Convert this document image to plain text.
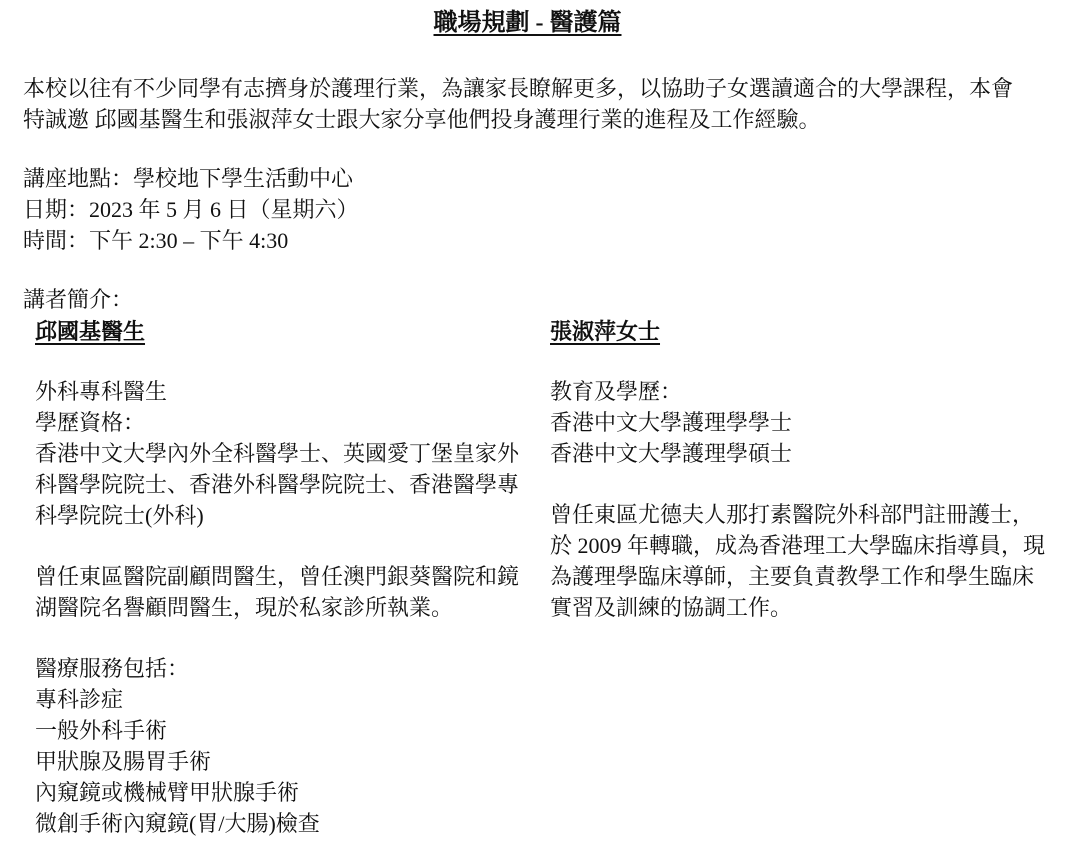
職場規劃 - 醫護篇

本校以往有不少同學有志擠身於護理行業，為讓家長瞭解更多，以協助子女選讀適合的大學課程，本會特誠邀 邱國基醫生和張淑萍女士跟大家分享他們投身護理行業的進程及工作經驗。

講座地點：學校地下學生活動中心
日期：2023 年 5 月 6 日（星期六）
時間：下午 2:30 – 下午 4:30
講者簡介：
邱國基醫生
外科專科醫生
學歷資格：
香港中文大學內外全科醫學士、英國愛丁堡皇家外科醫學院院士、香港外科醫學院院士、香港醫學專科學院院士(外科)
曾任東區醫院副顧問醫生，曾任澳門銀葵醫院和鏡湖醫院名譽顧問醫生，現於私家診所執業。
醫療服務包括：
專科診症
一般外科手術
甲狀腺及腸胃手術
內窺鏡或機械臂甲狀腺手術
微創手術內窺鏡(胃/大腸)檢查
張淑萍女士
教育及學歷：
香港中文大學護理學學士
香港中文大學護理學碩士
曾任東區尤德夫人那打素醫院外科部門註冊護士，於 2009 年轉職，成為香港理工大學臨床指導員，現為護理學臨床導師，主要負責教學工作和學生臨床實習及訓練的協調工作。
